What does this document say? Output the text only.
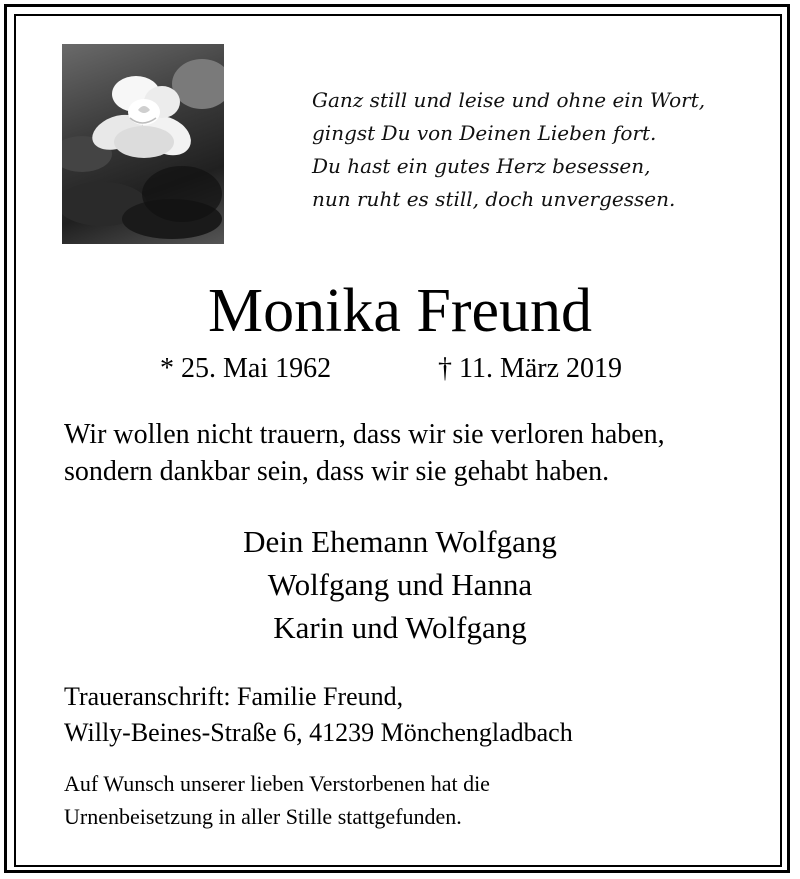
Ganz still und leise und ohne ein Wort,
gingst Du von Deinen Lieben fort.
Du hast ein gutes Herz besessen,
nun ruht es still, doch unvergessen.
Monika Freund
* 25. Mai 1962	† 11. März 2019
Wir wollen nicht trauern, dass wir sie verloren haben,
sondern dankbar sein, dass wir sie gehabt haben.
Dein Ehemann Wolfgang
Wolfgang und Hanna
Karin und Wolfgang
Traueranschrift: Familie Freund,
Willy-Beines-Straße 6, 41239 Mönchengladbach
Auf Wunsch unserer lieben Verstorbenen hat die
Urnenbeisetzung in aller Stille stattgefunden.
